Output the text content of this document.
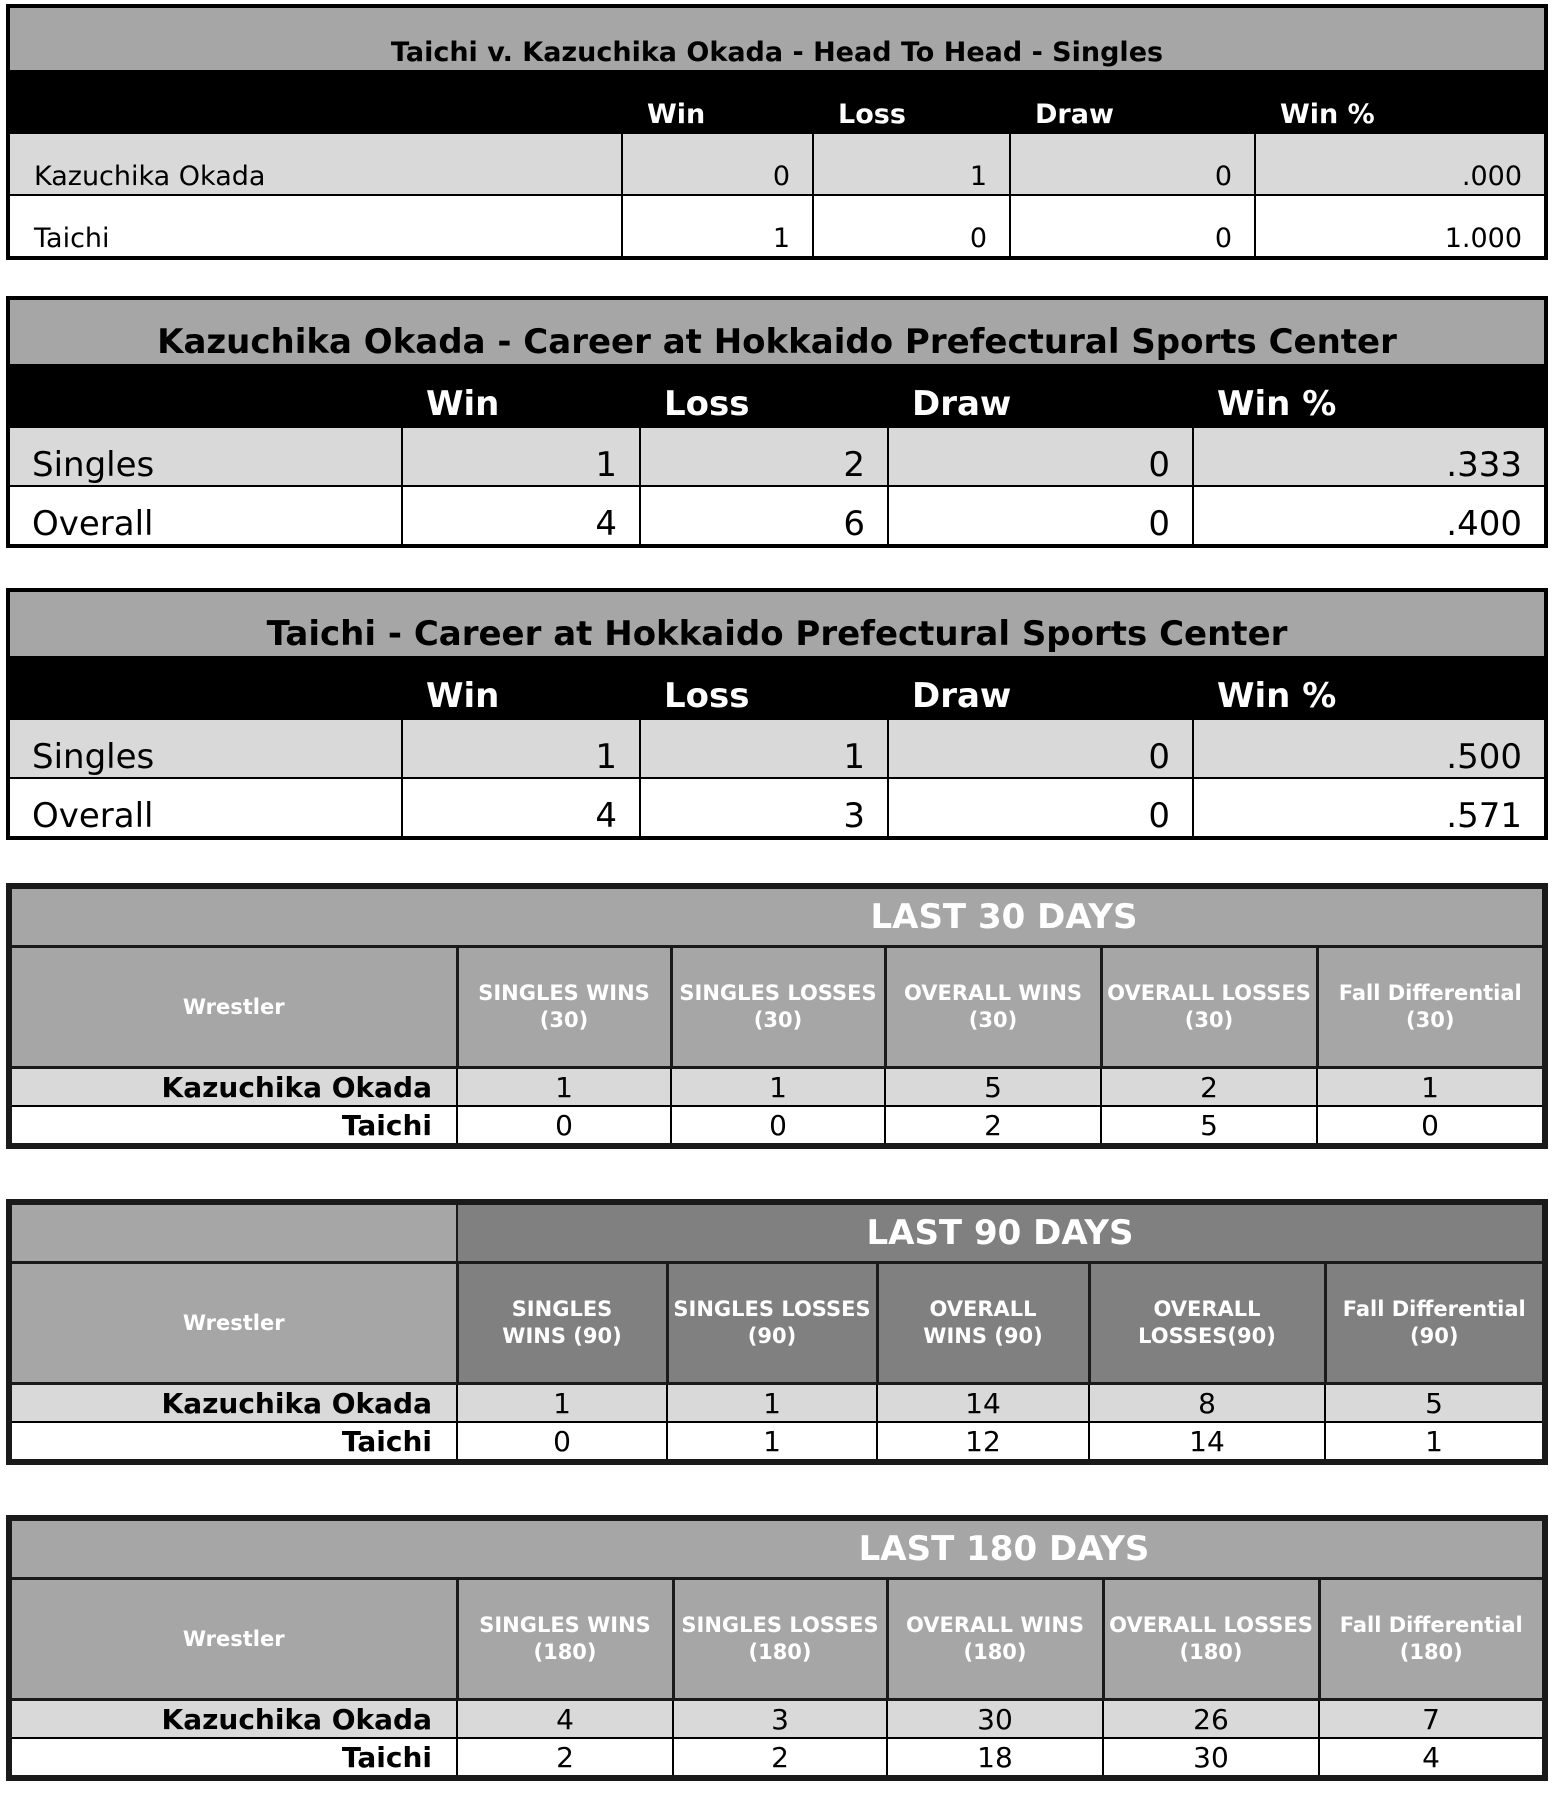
Taichi v. Kazuchika Okada - Head To Head - Singles				
	Win	Loss	Draw	Win %
Kazuchika Okada	0	1	0	.000
Taichi	1	0	0	1.000
Kazuchika Okada - Career at Hokkaido Prefectural Sports Center				
	Win	Loss	Draw	Win %
Singles	1	2	0	.333
Overall	4	6	0	.400
Taichi - Career at Hokkaido Prefectural Sports Center				
	Win	Loss	Draw	Win %
Singles	1	1	0	.500
Overall	4	3	0	.571
LAST 30 DAYS					
Wrestler	SINGLES WINS (30)	SINGLES LOSSES (30)	OVERALL WINS (30)	OVERALL LOSSES (30)	Fall Differential (30)
Kazuchika Okada	1	1	5	2	1
Taichi	0	0	2	5	0
	LAST 90 DAYS				
Wrestler	SINGLES WINS (90)	SINGLES LOSSES (90)	OVERALL WINS (90)	OVERALL LOSSES(90)	Fall Differential (90)
Kazuchika Okada	1	1	14	8	5
Taichi	0	1	12	14	1
LAST 180 DAYS					
Wrestler	SINGLES WINS (180)	SINGLES LOSSES (180)	OVERALL WINS (180)	OVERALL LOSSES (180)	Fall Differential (180)
Kazuchika Okada	4	3	30	26	7
Taichi	2	2	18	30	4
